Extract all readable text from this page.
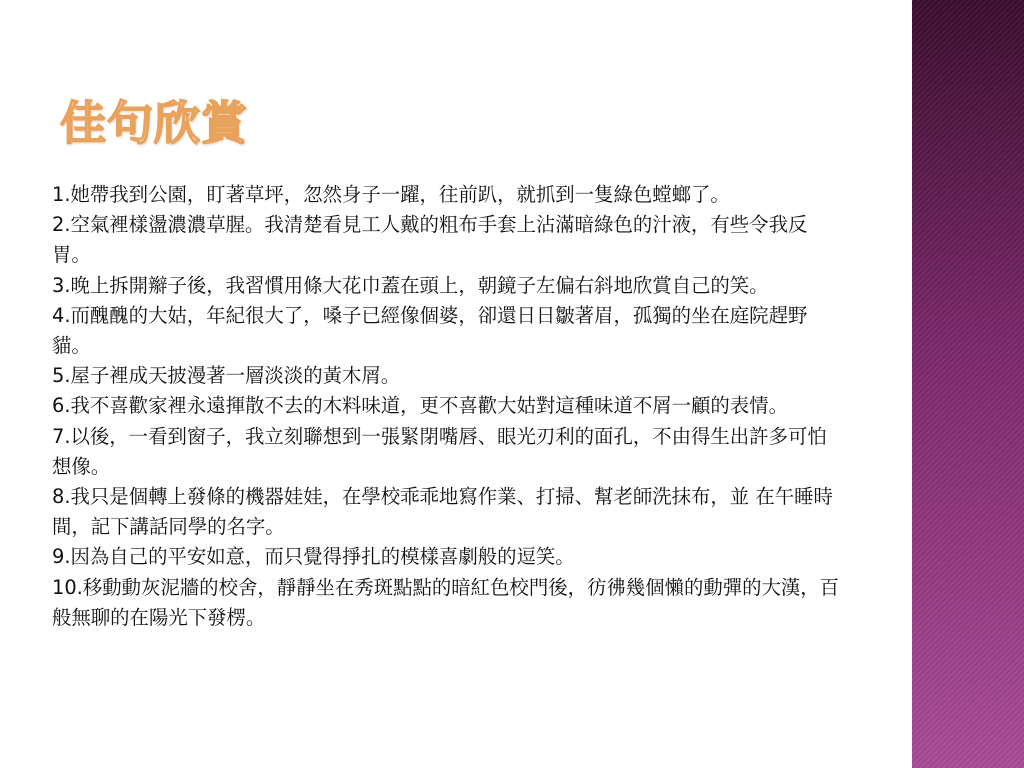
佳句欣賞
1.她帶我到公園，盯著草坪，忽然身子一躍，往前趴，就抓到一隻綠色螳螂了。
2.空氣裡樣盪濃濃草腥。我清楚看見工人戴的粗布手套上沾滿暗綠色的汁液，有些令我反胃。
3.晚上拆開辮子後，我習慣用條大花巾蓋在頭上，朝鏡子左偏右斜地欣賞自己的笑。
4.而醜醜的大姑，年紀很大了，嗓子已經像個婆，卻還日日皺著眉，孤獨的坐在庭院趕野貓。
5.屋子裡成天披漫著一層淡淡的黃木屑。
6.我不喜歡家裡永遠揮散不去的木料味道，更不喜歡大姑對這種味道不屑一顧的表情。
7.以後，一看到窗子，我立刻聯想到一張緊閉嘴唇、眼光刃利的面孔，不由得生出許多可怕想像。
8.我只是個轉上發條的機器娃娃，在學校乖乖地寫作業、打掃、幫老師洗抹布，並 在午睡時間，記下講話同學的名字。
9.因為自己的平安如意，而只覺得掙扎的模樣喜劇般的逗笑。
10.移動動灰泥牆的校舍，靜靜坐在秀斑點點的暗紅色校門後，彷彿幾個懶的動彈的大漢，百般無聊的在陽光下發楞。
